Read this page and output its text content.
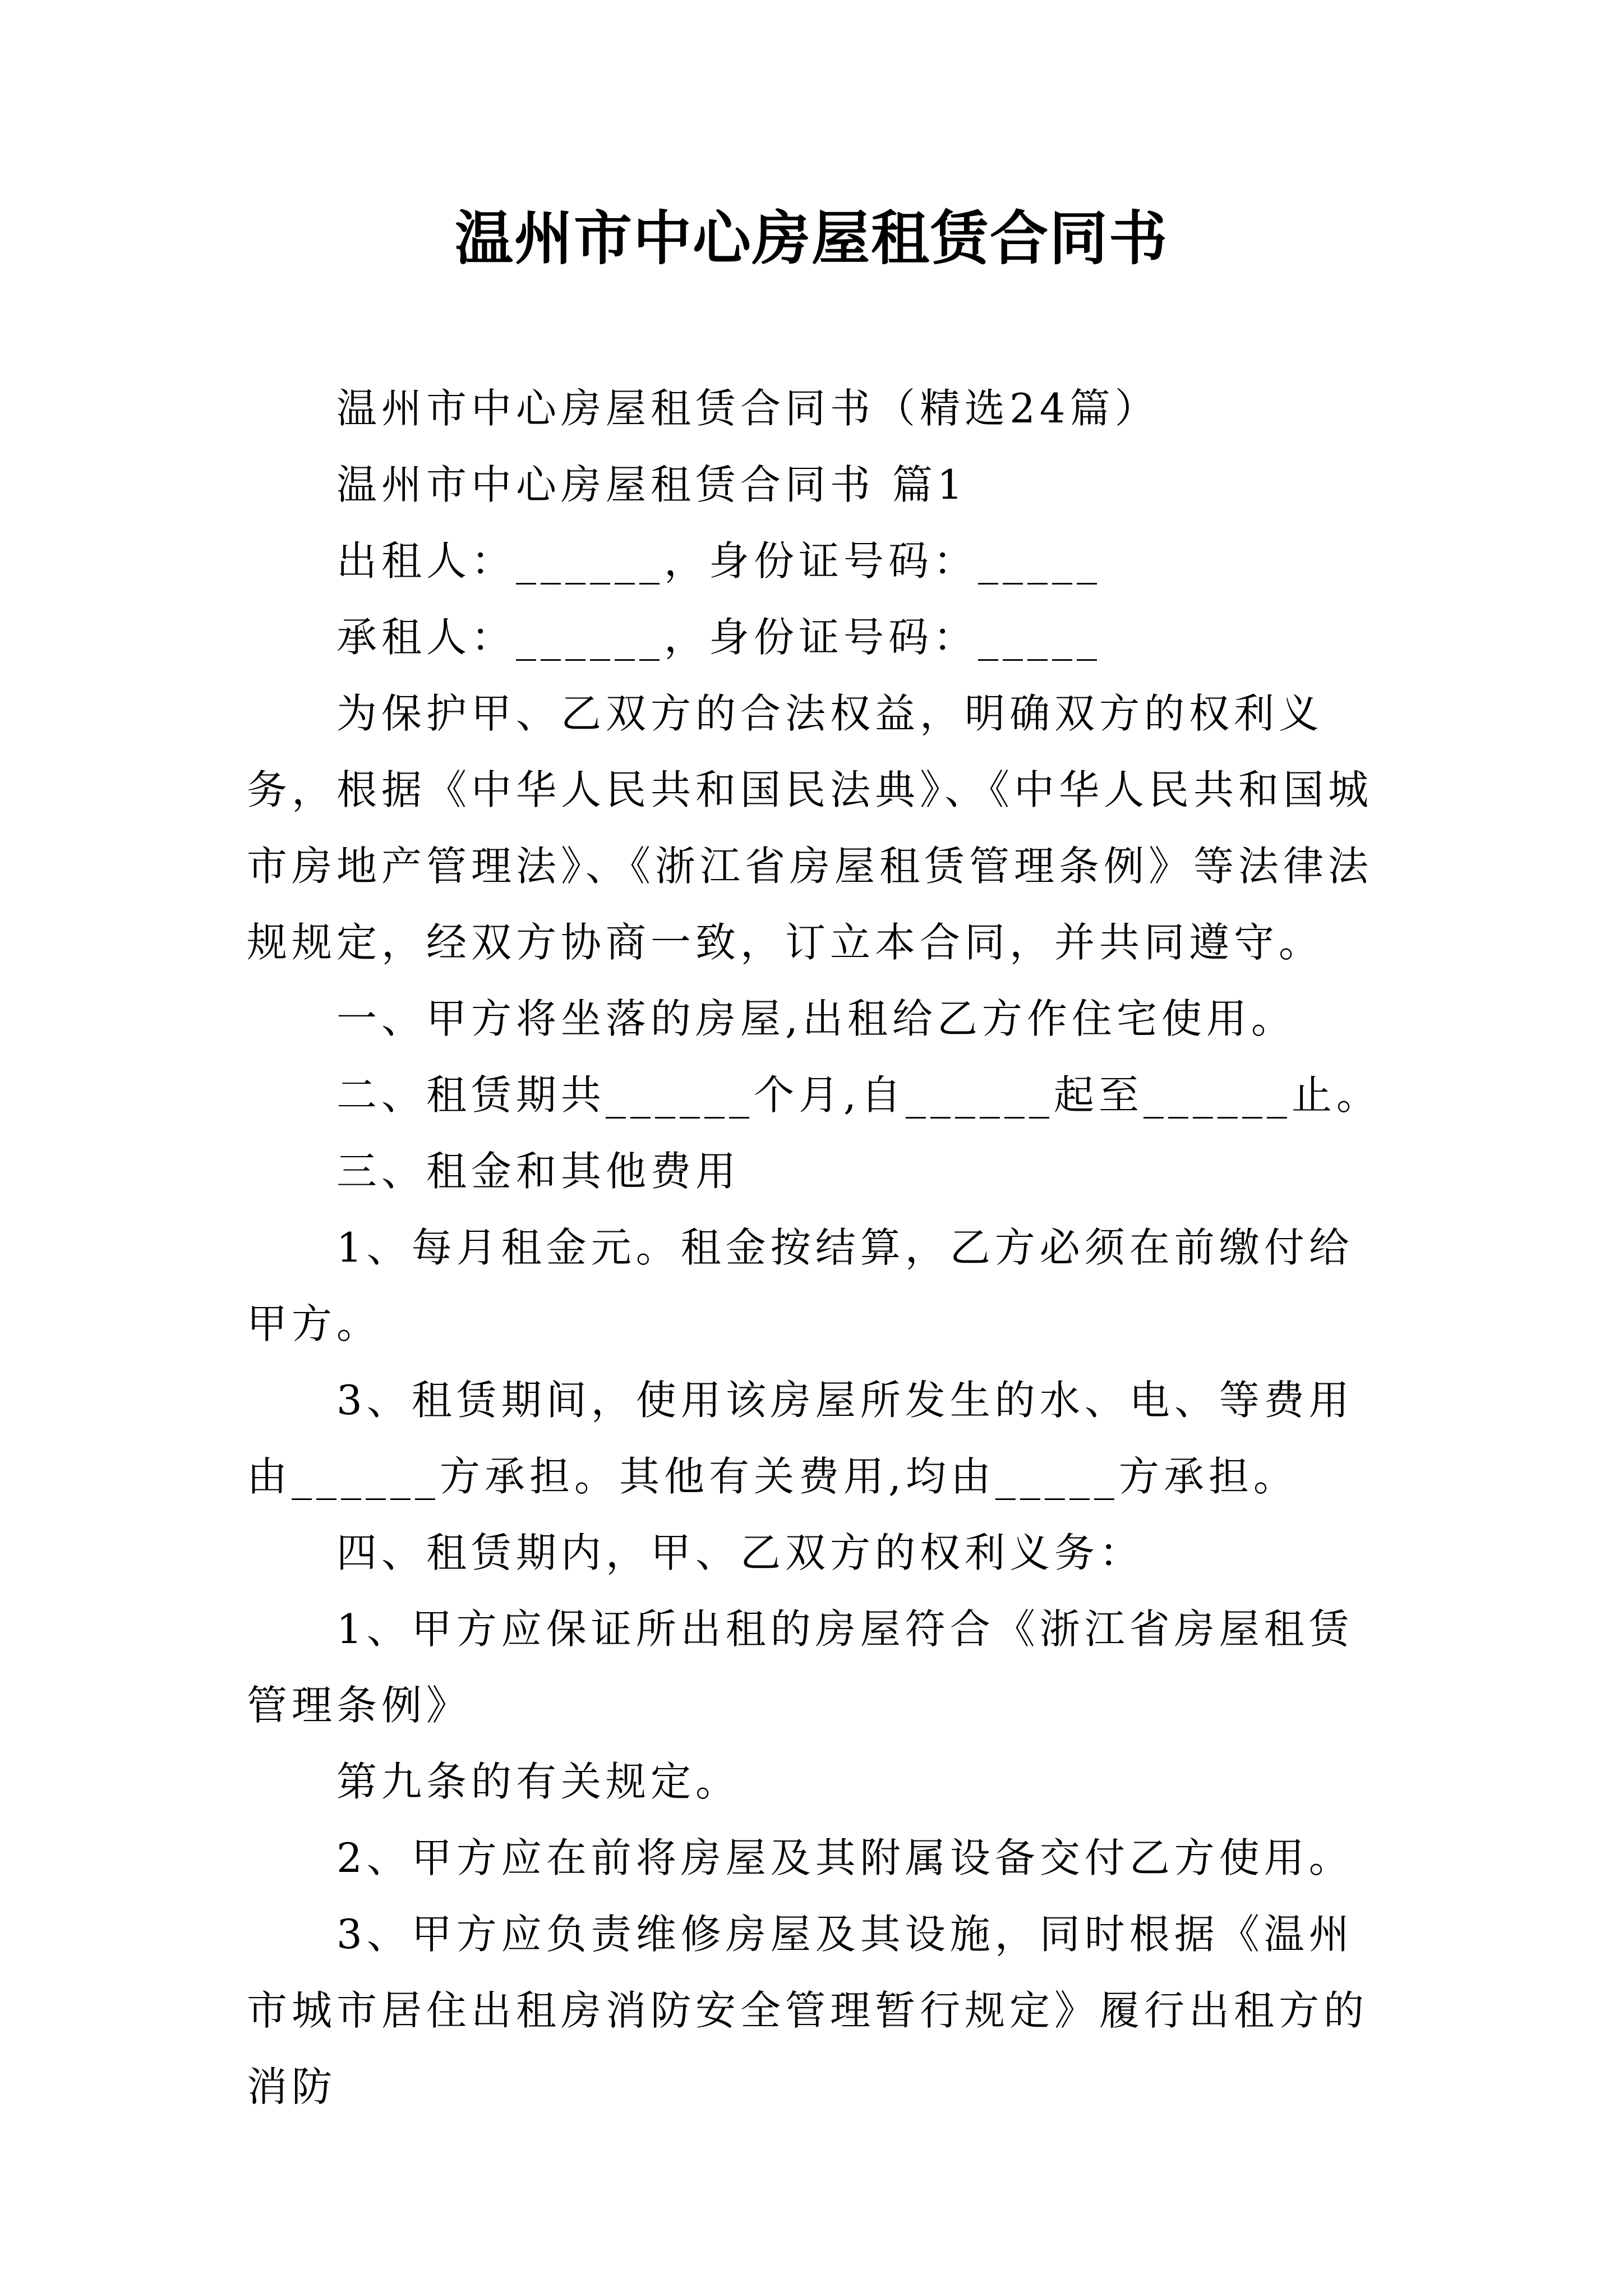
温州市中心房屋租赁合同书

温州市中心房屋租赁合同书（精选24篇）

温州市中心房屋租赁合同书 篇1

出租人：______，身份证号码：_____

承租人：______，身份证号码：_____

为保护甲、乙双方的合法权益，明确双方的权利义务，根据《中华人民共和国民法典》、《中华人民共和国城市房地产管理法》、《浙江省房屋租赁管理条例》等法律法规规定，经双方协商一致，订立本合同，并共同遵守。

一、甲方将坐落的房屋,出租给乙方作住宅使用。

二、租赁期共______个月,自______起至______止。

三、租金和其他费用

1、每月租金元。租金按结算，乙方必须在前缴付给甲方。

3、租赁期间，使用该房屋所发生的水、电、等费用由______方承担。其他有关费用,均由_____方承担。

四、租赁期内，甲、乙双方的权利义务：

1、甲方应保证所出租的房屋符合《浙江省房屋租赁管理条例》

第九条的有关规定。

2、甲方应在前将房屋及其附属设备交付乙方使用。

3、甲方应负责维修房屋及其设施，同时根据《温州市城市居住出租房消防安全管理暂行规定》履行出租方的消防
